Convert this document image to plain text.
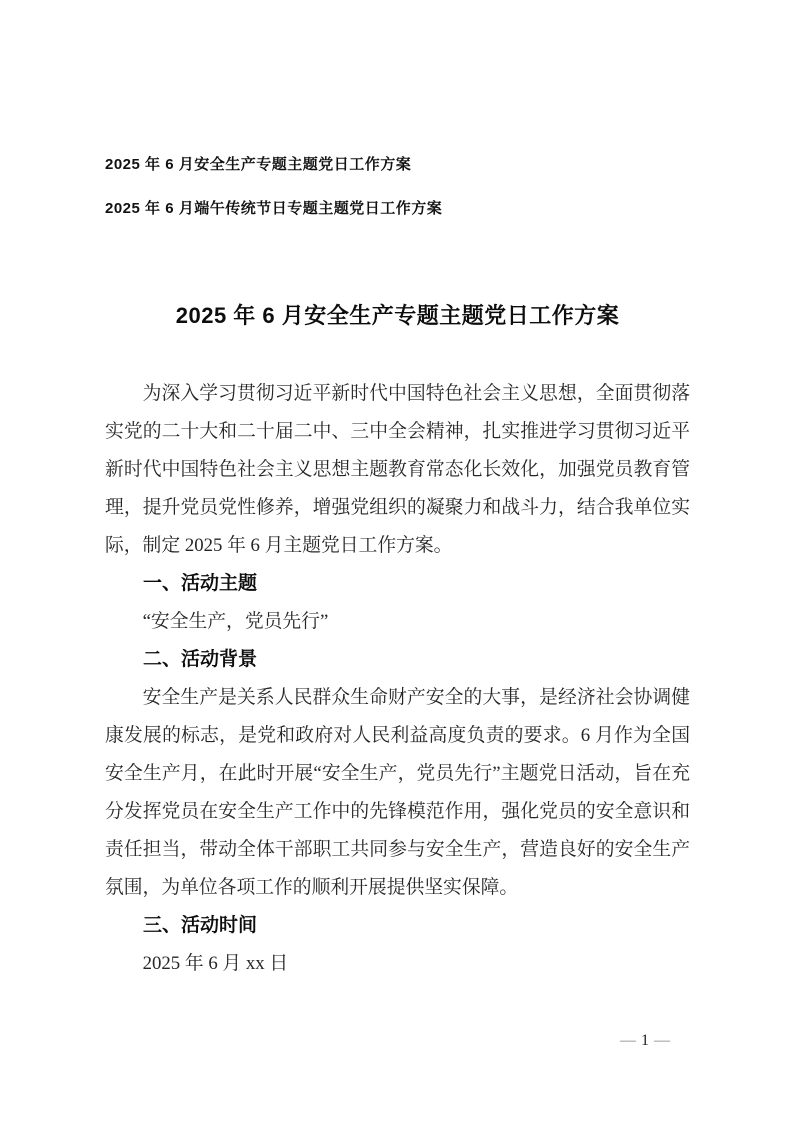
2025 年 6 月安全生产专题主题党日工作方案
2025 年 6 月端午传统节日专题主题党日工作方案
2025 年 6 月安全生产专题主题党日工作方案
为深入学习贯彻习近平新时代中国特色社会主义思想，全面贯彻落实党的二十大和二十届二中、三中全会精神，扎实推进学习贯彻习近平新时代中国特色社会主义思想主题教育常态化长效化，加强党员教育管理，提升党员党性修养，增强党组织的凝聚力和战斗力，结合我单位实际，制定 2025 年 6 月主题党日工作方案。
一、活动主题
“安全生产，党员先行”
二、活动背景
安全生产是关系人民群众生命财产安全的大事，是经济社会协调健康发展的标志，是党和政府对人民利益高度负责的要求。6 月作为全国安全生产月，在此时开展“安全生产，党员先行”主题党日活动，旨在充分发挥党员在安全生产工作中的先锋模范作用，强化党员的安全意识和责任担当，带动全体干部职工共同参与安全生产，营造良好的安全生产氛围，为单位各项工作的顺利开展提供坚实保障。
三、活动时间
2025 年 6 月 xx 日
— 1 —
